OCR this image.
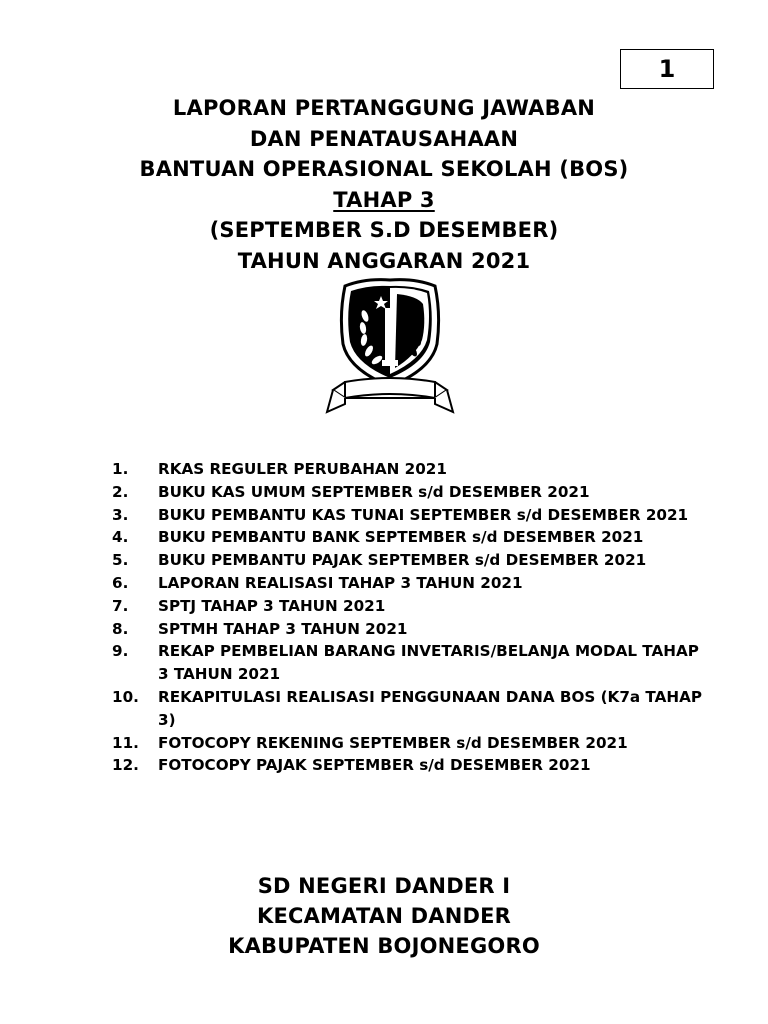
1
LAPORAN PERTANGGUNG JAWABAN
DAN PENATAUSAHAAN
BANTUAN OPERASIONAL SEKOLAH (BOS)
TAHAP 3
(SEPTEMBER S.D DESEMBER)
TAHUN ANGGARAN 2021
1.	RKAS REGULER PERUBAHAN 2021
2.	BUKU KAS UMUM SEPTEMBER s/d DESEMBER 2021
3.	BUKU PEMBANTU KAS TUNAI SEPTEMBER s/d DESEMBER 2021
4.	BUKU PEMBANTU BANK SEPTEMBER s/d DESEMBER 2021
5.	BUKU PEMBANTU PAJAK SEPTEMBER s/d DESEMBER 2021
6.	LAPORAN REALISASI TAHAP 3 TAHUN 2021
7.	SPTJ TAHAP 3 TAHUN 2021
8.	SPTMH TAHAP 3 TAHUN 2021
9.	REKAP PEMBELIAN BARANG INVETARIS/BELANJA MODAL TAHAP 3 TAHUN 2021
10.	REKAPITULASI REALISASI PENGGUNAAN DANA BOS (K7a TAHAP 3)
11.	FOTOCOPY REKENING SEPTEMBER s/d DESEMBER 2021
12.	FOTOCOPY PAJAK SEPTEMBER s/d DESEMBER 2021
SD NEGERI DANDER I
KECAMATAN DANDER
KABUPATEN BOJONEGORO
